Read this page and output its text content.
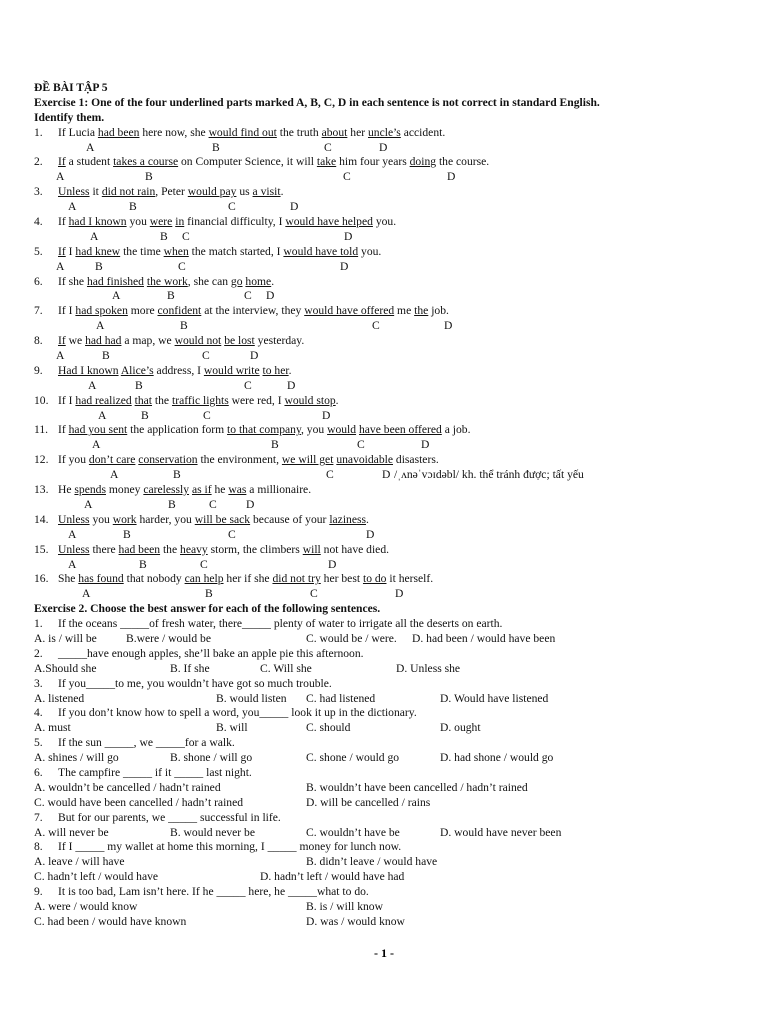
ĐỀ BÀI TẬP 5
Exercise 1: One of the four underlined parts marked A, B, C, D in each sentence is not correct in standard English.
Identify them.
1. If Lucia had been here now, she would find out the truth about her uncle’s accident.
A	B	C	D
2. If a student takes a course on Computer Science, it will take him four years doing the course.
A	B	C	D
3. Unless it did not rain, Peter would pay us a visit.
A	B	C	D
4. If had I known you were in financial difficulty, I would have helped you.
A	B C	D
5. If I had knew the time when the match started, I would have told you.
A	B	C	D
6. If she had finished the work, she can go home.
A	B	C D
7. If I had spoken more confident at the interview, they would have offered me the job.
A	B	C	D
8. If we had had a map, we would not be lost yesterday.
A	B	C	D
9. Had I known Alice’s address, I would write to her.
A	B	C	D
10. If I had realized that the traffic lights were red, I would stop.
A	B	C	D
11. If had you sent the application form to that company, you would have been offered a job.
A	B	C	D
12. If you don’t care conservation the environment, we will get unavoidable disasters.
A	B	C	D /ˌʌnəˈvɔɪdəbl/ kh. thể tránh được; tất yếu
13. He spends money carelessly as if he was a millionaire.
A	B	C	D
14. Unless you work harder, you will be sack because of your laziness.
A	B	C	D
15. Unless there had been the heavy storm, the climbers will not have died.
A	B	C	D
16. She has found that nobody can help her if she did not try her best to do it herself.
A	B	C	D
Exercise 2. Choose the best answer for each of the following sentences.
1. If the oceans _____of fresh water, there_____ plenty of water to irrigate all the deserts on earth.
A. is / will be	B.were / would be	C. would be / were. D. had been / would have been
2. _____have enough apples, she’ll bake an apple pie this afternoon.
A.Should she	B. If she	C. Will she	D. Unless she
3. If you_____to me, you wouldn’t have got so much trouble.
A. listened	B. would listen C. had listened	D. Would have listened
4. If you don’t know how to spell a word, you_____ look it up in the dictionary.
A. must	B. will	C. should	D. ought
5. If the sun _____, we _____for a walk.
A. shines / will go	B. shone / will go	C. shone / would go	D. had shone / would go
6. The campfire _____ if it _____ last night.
A. wouldn’t be cancelled / hadn’t rained	B. wouldn’t have been cancelled / hadn’t rained
C. would have been cancelled / hadn’t rained	D. will be cancelled / rains
7. But for our parents, we _____ successful in life.
A. will never be	B. would never be	C. wouldn’t have be	D. would have never been
8. If I _____ my wallet at home this morning, I _____ money for lunch now.
A. leave / will have	B. didn’t leave / would have
C. hadn’t left / would have	D. hadn’t left / would have had
9. It is too bad, Lam isn’t here. If he _____ here, he _____what to do.
A. were / would know	B. is / will know
C. had been / would have known	D. was / would know
- 1 -
